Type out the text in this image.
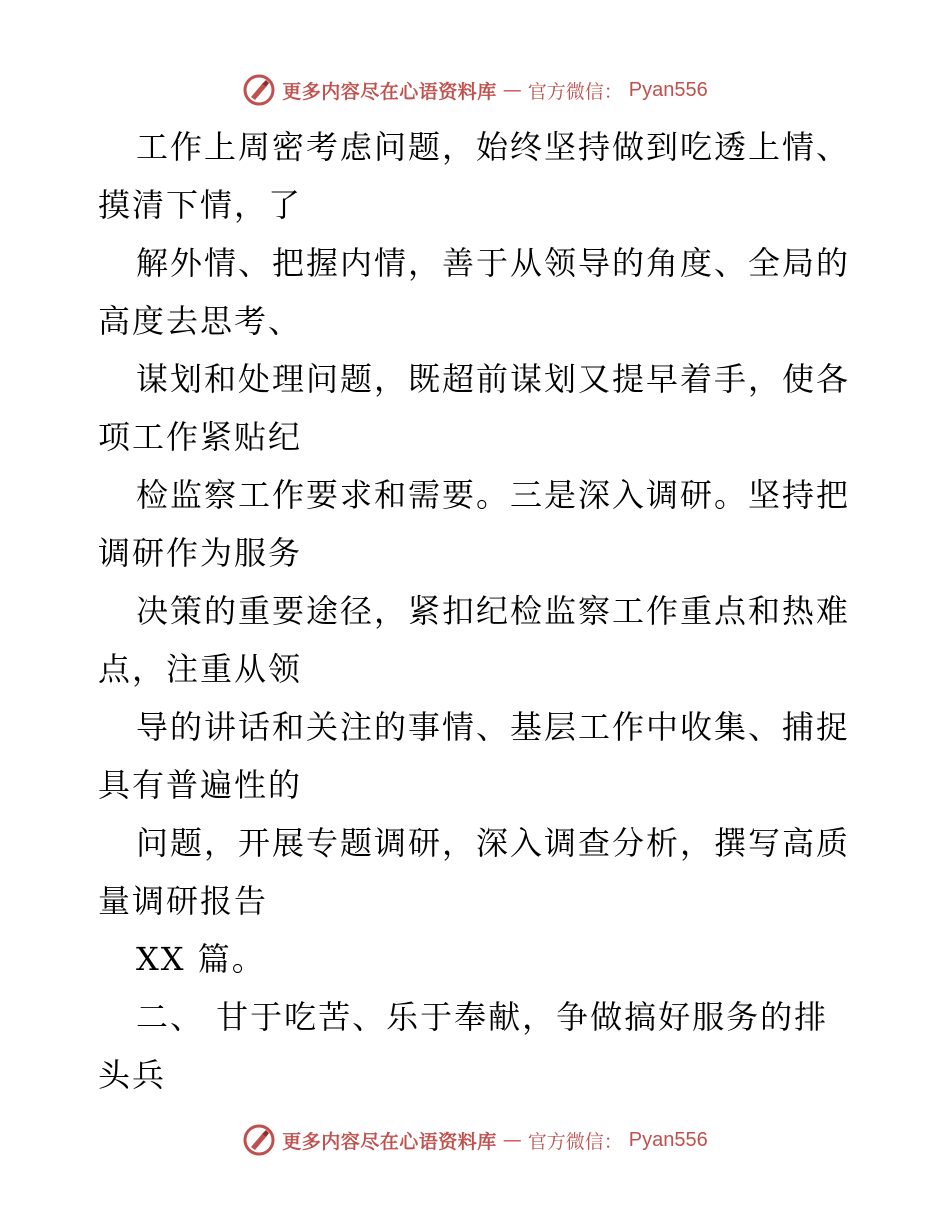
更多内容尽在心语资料库 — 官方微信： Pyan556
工作上周密考虑问题，始终坚持做到吃透上情、
摸清下情，了
解外情、把握内情，善于从领导的角度、全局的
高度去思考、
谋划和处理问题，既超前谋划又提早着手，使各
项工作紧贴纪
检监察工作要求和需要。三是深入调研。坚持把
调研作为服务
决策的重要途径，紧扣纪检监察工作重点和热难
点，注重从领
导的讲话和关注的事情、基层工作中收集、捕捉
具有普遍性的
问题，开展专题调研，深入调查分析，撰写高质
量调研报告
XX 篇。
二、 甘于吃苦、乐于奉献，争做搞好服务的排
头兵
更多内容尽在心语资料库 — 官方微信： Pyan556
